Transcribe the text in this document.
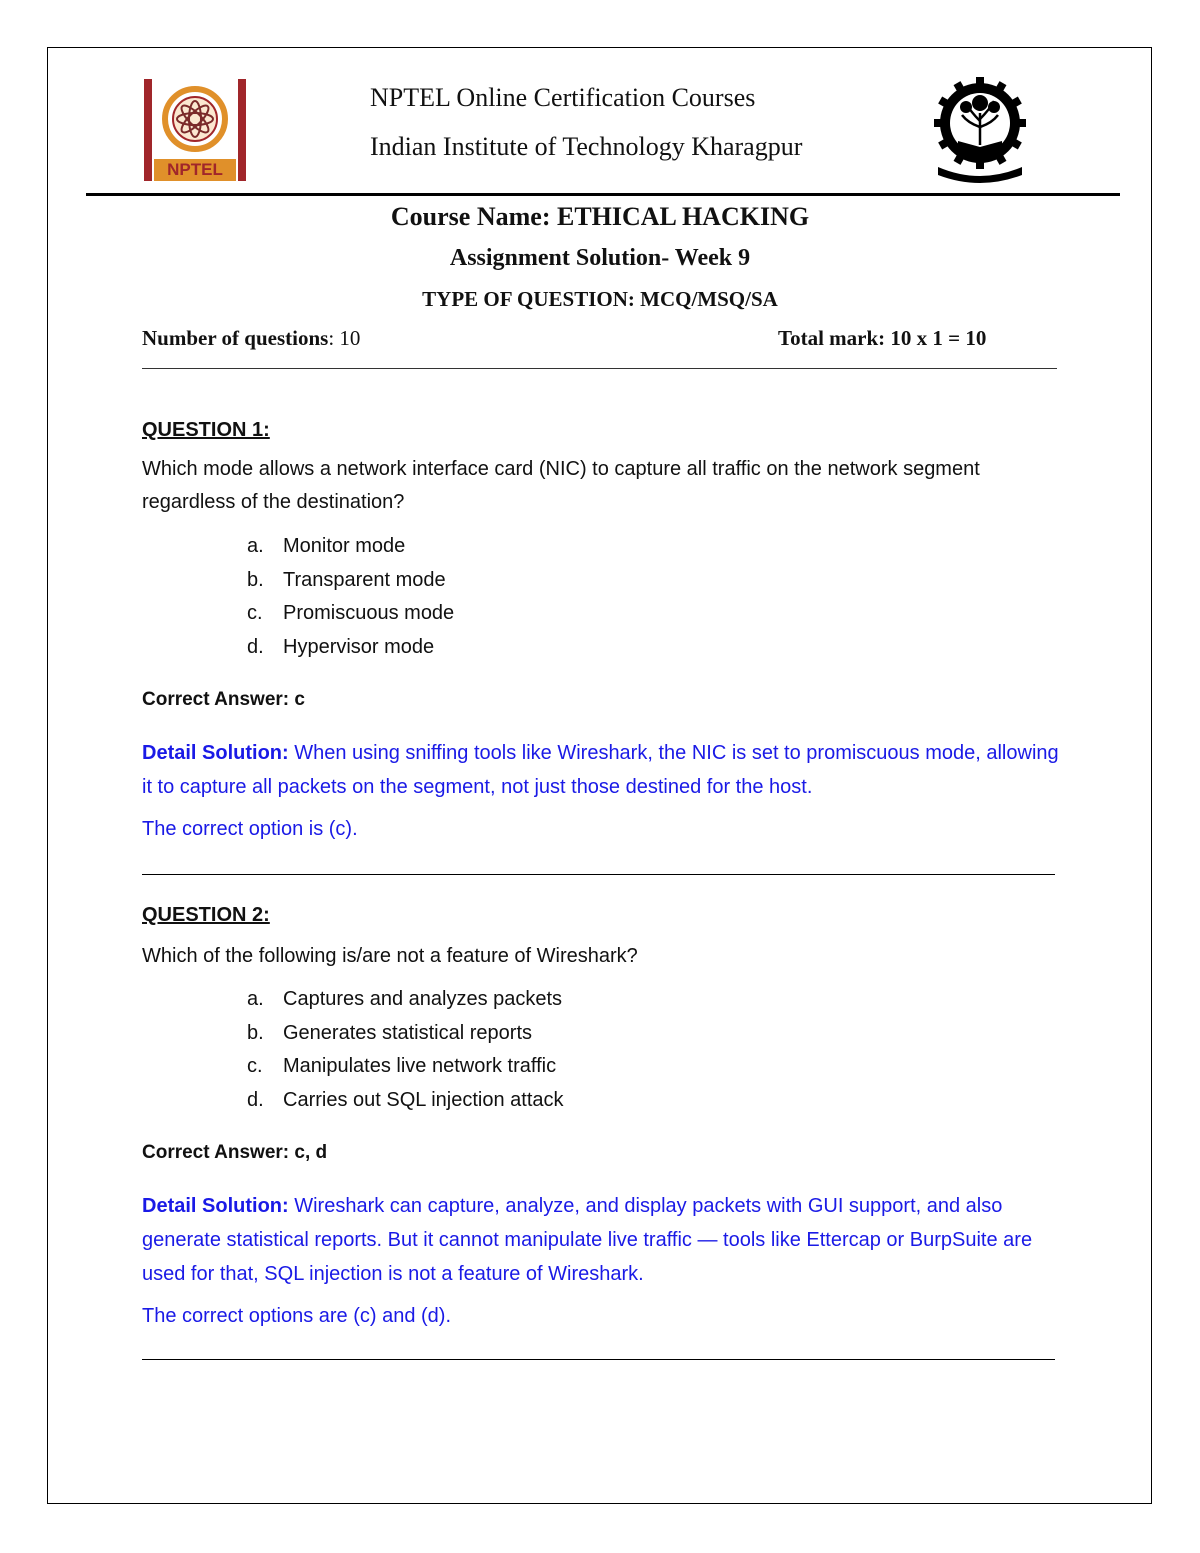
NPTEL
NPTEL Online Certification Courses
Indian Institute of Technology Kharagpur
Course Name: ETHICAL HACKING
Assignment Solution- Week 9
TYPE OF QUESTION: MCQ/MSQ/SA
Number of questions: 10	Total mark: 10 x 1 = 10
QUESTION 1:
Which mode allows a network interface card (NIC) to capture all traffic on the network segment regardless of the destination?
a. Monitor mode
b. Transparent mode
c. Promiscuous mode
d. Hypervisor mode
Correct Answer: c
Detail Solution: When using sniffing tools like Wireshark, the NIC is set to promiscuous mode, allowing it to capture all packets on the segment, not just those destined for the host.
The correct option is (c).
QUESTION 2:
Which of the following is/are not a feature of Wireshark?
a. Captures and analyzes packets
b. Generates statistical reports
c. Manipulates live network traffic
d. Carries out SQL injection attack
Correct Answer: c, d
Detail Solution: Wireshark can capture, analyze, and display packets with GUI support, and also generate statistical reports. But it cannot manipulate live traffic — tools like Ettercap or BurpSuite are used for that, SQL injection is not a feature of Wireshark.
The correct options are (c) and (d).
